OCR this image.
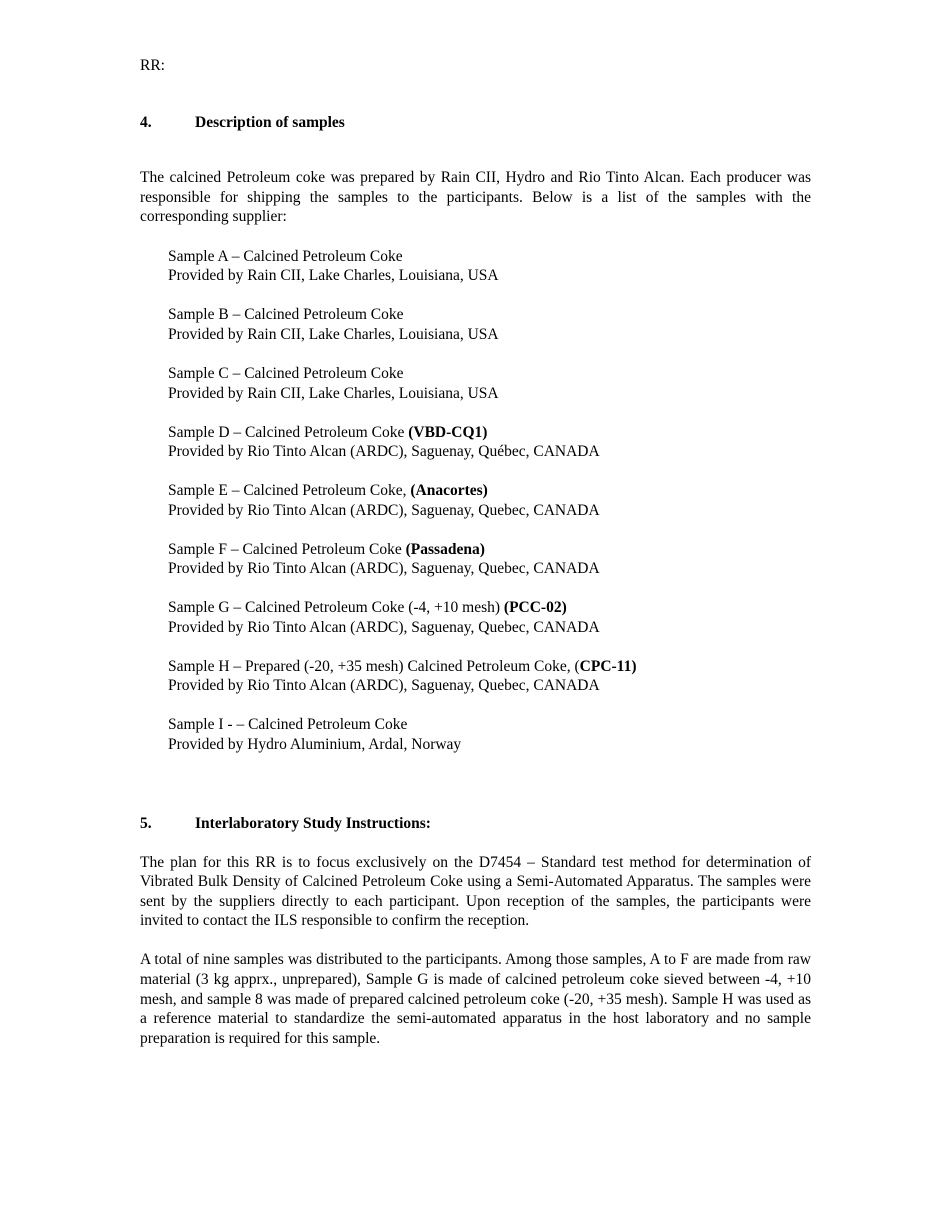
RR:
4.	Description of samples

The calcined Petroleum coke was prepared by Rain CII, Hydro and Rio Tinto Alcan. Each producer was responsible for shipping the samples to the participants. Below is a list of the samples with the corresponding supplier:

Sample A – Calcined Petroleum Coke
Provided by Rain CII, Lake Charles, Louisiana, USA
Sample B – Calcined Petroleum Coke
Provided by Rain CII, Lake Charles, Louisiana, USA
Sample C – Calcined Petroleum Coke
Provided by Rain CII, Lake Charles, Louisiana, USA
Sample D – Calcined Petroleum Coke (VBD-CQ1)
Provided by Rio Tinto Alcan (ARDC), Saguenay, Québec, CANADA
Sample E – Calcined Petroleum Coke, (Anacortes)
Provided by Rio Tinto Alcan (ARDC), Saguenay, Quebec, CANADA
Sample F – Calcined Petroleum Coke (Passadena)
Provided by Rio Tinto Alcan (ARDC), Saguenay, Quebec, CANADA
Sample G – Calcined Petroleum Coke (-4, +10 mesh) (PCC-02)
Provided by Rio Tinto Alcan (ARDC), Saguenay, Quebec, CANADA
Sample H – Prepared (-20, +35 mesh) Calcined Petroleum Coke, (CPC-11)
Provided by Rio Tinto Alcan (ARDC), Saguenay, Quebec, CANADA
Sample I - – Calcined Petroleum Coke
Provided by Hydro Aluminium, Ardal, Norway
5.	Interlaboratory Study Instructions:

The plan for this RR is to focus exclusively on the D7454 – Standard test method for determination of Vibrated Bulk Density of Calcined Petroleum Coke using a Semi-Automated Apparatus. The samples were sent by the suppliers directly to each participant. Upon reception of the samples, the participants were invited to contact the ILS responsible to confirm the reception.

A total of nine samples was distributed to the participants. Among those samples, A to F are made from raw material (3 kg apprx., unprepared), Sample G is made of calcined petroleum coke sieved between -4, +10 mesh, and sample 8 was made of prepared calcined petroleum coke (-20, +35 mesh). Sample H was used as a reference material to standardize the semi-automated apparatus in the host laboratory and no sample preparation is required for this sample.
